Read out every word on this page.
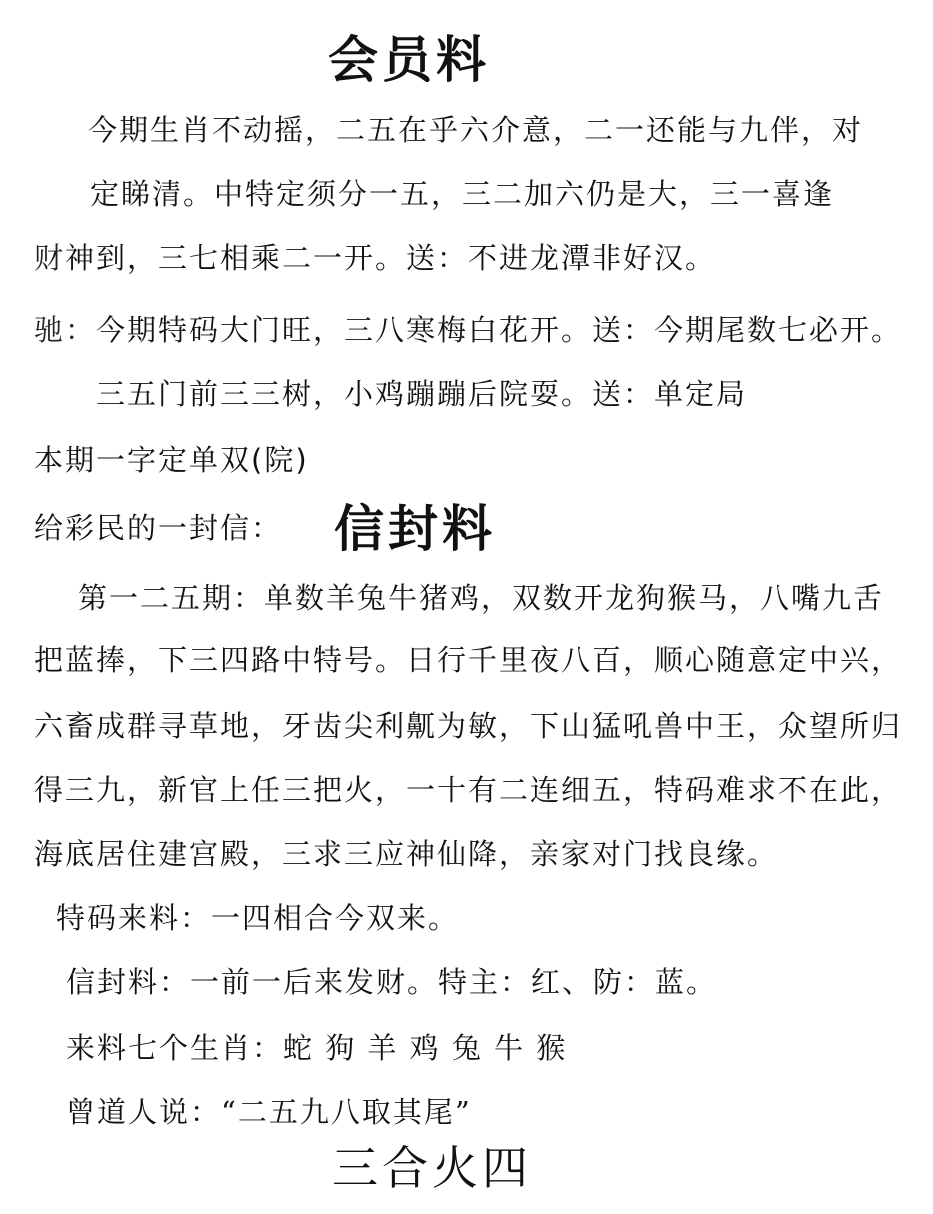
会员料
今期生肖不动摇，二五在乎六介意，二一还能与九伴，对
定睇清。中特定须分一五，三二加六仍是大，三一喜逢
财神到，三七相乘二一开。送：不进龙潭非好汉。
驰：今期特码大门旺，三八寒梅白花开。送：今期尾数七必开。
三五门前三三树，小鸡蹦蹦后院耍。送：单定局
本期一字定单双(院)
给彩民的一封信： 信封料
第一二五期：单数羊兔牛猪鸡，双数开龙狗猴马，八嘴九舌
把蓝捧，下三四路中特号。日行千里夜八百，顺心随意定中兴，
六畜成群寻草地，牙齿尖利鼿为敏，下山猛吼兽中王，众望所归
得三九，新官上任三把火，一十有二连细五，特码难求不在此，
海底居住建宫殿，三求三应神仙降，亲家对门找良缘。
特码来料：一四相合今双来。
信封料：一前一后来发财。特主：红、防：蓝。
来料七个生肖：蛇 狗 羊 鸡 兔 牛 猴
曾道人说：“二五九八取其尾”
三合火四
